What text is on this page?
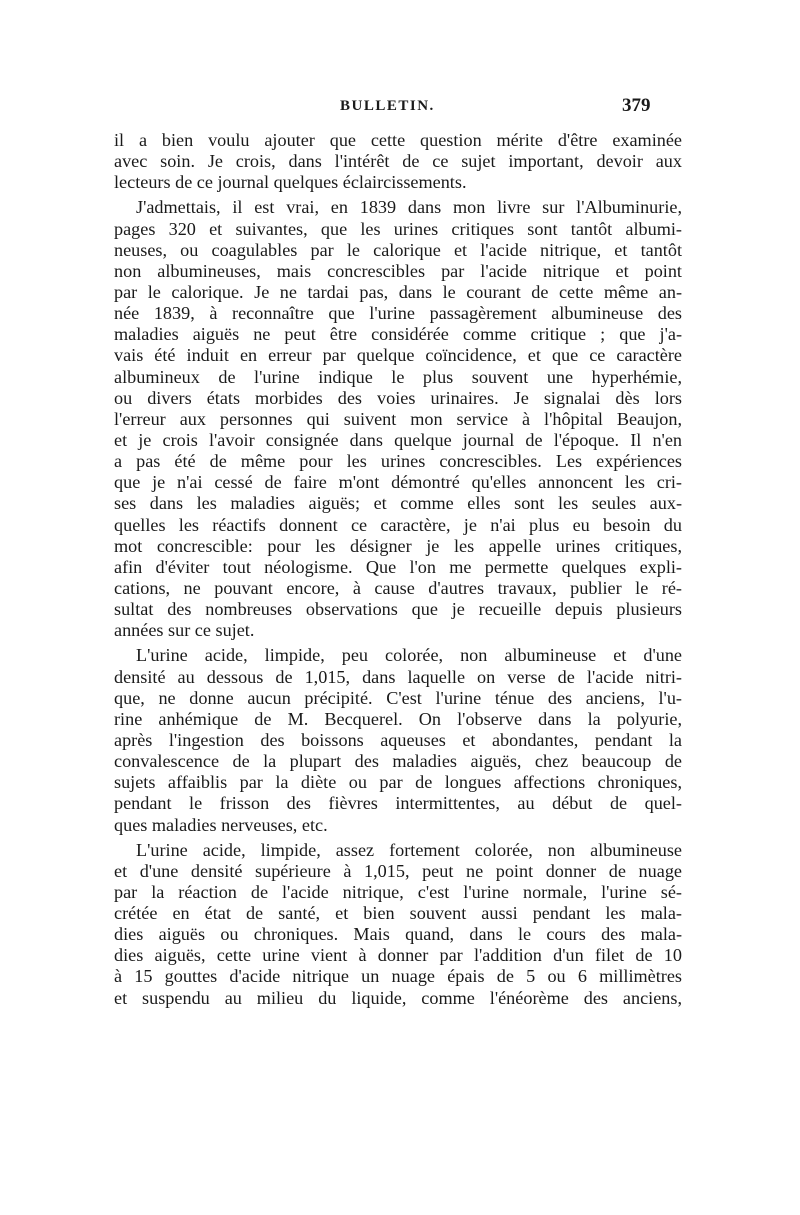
BULLETIN.	379
il a bien voulu ajouter que cette question mérite d'être examinée
avec soin. Je crois, dans l'intérêt de ce sujet important, devoir aux
lecteurs de ce journal quelques éclaircissements.
J'admettais, il est vrai, en 1839 dans mon livre sur l'Albuminurie,
pages 320 et suivantes, que les urines critiques sont tantôt albumi-
neuses, ou coagulables par le calorique et l'acide nitrique, et tantôt
non albumineuses, mais concrescibles par l'acide nitrique et point
par le calorique. Je ne tardai pas, dans le courant de cette même an-
née 1839, à reconnaître que l'urine passagèrement albumineuse des
maladies aiguës ne peut être considérée comme critique ; que j'a-
vais été induit en erreur par quelque coïncidence, et que ce caractère
albumineux de l'urine indique le plus souvent une hyperhémie,
ou divers états morbides des voies urinaires. Je signalai dès lors
l'erreur aux personnes qui suivent mon service à l'hôpital Beaujon,
et je crois l'avoir consignée dans quelque journal de l'époque. Il n'en
a pas été de même pour les urines concrescibles. Les expériences
que je n'ai cessé de faire m'ont démontré qu'elles annoncent les cri-
ses dans les maladies aiguës; et comme elles sont les seules aux-
quelles les réactifs donnent ce caractère, je n'ai plus eu besoin du
mot concrescible: pour les désigner je les appelle urines critiques,
afin d'éviter tout néologisme. Que l'on me permette quelques expli-
cations, ne pouvant encore, à cause d'autres travaux, publier le ré-
sultat des nombreuses observations que je recueille depuis plusieurs
années sur ce sujet.
L'urine acide, limpide, peu colorée, non albumineuse et d'une
densité au dessous de 1,015, dans laquelle on verse de l'acide nitri-
que, ne donne aucun précipité. C'est l'urine ténue des anciens, l'u-
rine anhémique de M. Becquerel. On l'observe dans la polyurie,
après l'ingestion des boissons aqueuses et abondantes, pendant la
convalescence de la plupart des maladies aiguës, chez beaucoup de
sujets affaiblis par la diète ou par de longues affections chroniques,
pendant le frisson des fièvres intermittentes, au début de quel-
ques maladies nerveuses, etc.
L'urine acide, limpide, assez fortement colorée, non albumineuse
et d'une densité supérieure à 1,015, peut ne point donner de nuage
par la réaction de l'acide nitrique, c'est l'urine normale, l'urine sé-
crétée en état de santé, et bien souvent aussi pendant les mala-
dies aiguës ou chroniques. Mais quand, dans le cours des mala-
dies aiguës, cette urine vient à donner par l'addition d'un filet de 10
à 15 gouttes d'acide nitrique un nuage épais de 5 ou 6 millimètres
et suspendu au milieu du liquide, comme l'énéorème des anciens,
